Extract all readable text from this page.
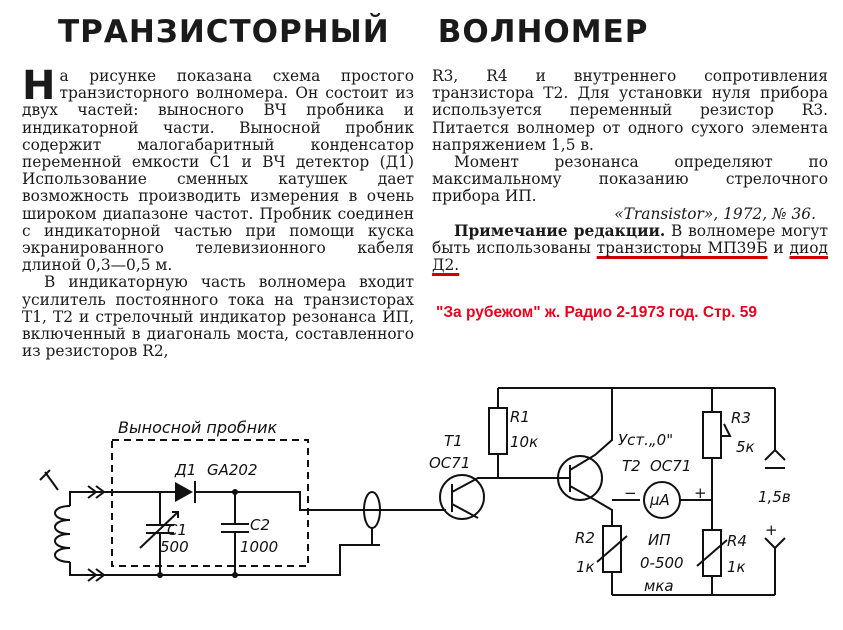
ТРАНЗИСТОРНЫЙ ВОЛНОМЕР

На рисунке показана схема простого транзисторного волномера. Он состоит из двух частей: выносного ВЧ пробника и индикаторной части. Выносной пробник содержит малогабаритный конденсатор переменной емкости С1 и ВЧ детектор (Д1) Использование сменных катушек дает возможность производить измерения в очень широком диапазоне частот. Пробник соединен с индикаторной частью при помощи куска экранированного телевизионного кабеля длиной 0,3—0,5 м.

В индикаторную часть волномера входит усилитель постоянного тока на транзисторах Т1, Т2 и стрелочный индикатор резонанса ИП, включенный в диагональ моста, составленного из резисторов R2,

R3, R4 и внутреннего сопротивления транзистора Т2. Для установки нуля прибора используется переменный резистор R3. Питается волномер от одного сухого элемента напряжением 1,5 в.

Момент резонанса определяют по максимальному показанию стрелочного прибора ИП.

«Transistor», 1972, № 36.

Примечание редакции. В волномере могут быть использованы транзисторы МП39Б и диод Д2.

"За рубежом" ж. Радио 2-1973 год. Стр. 59
Выносной пробник
Д1 GA202
C1
500
C2
1000
T1
OC71
R1
10к	Уст.„0"
T2 OC71
R2
1к
μA
−	+
ИП
0-500
мка
R3
5к
R4
1к
1,5в
+
